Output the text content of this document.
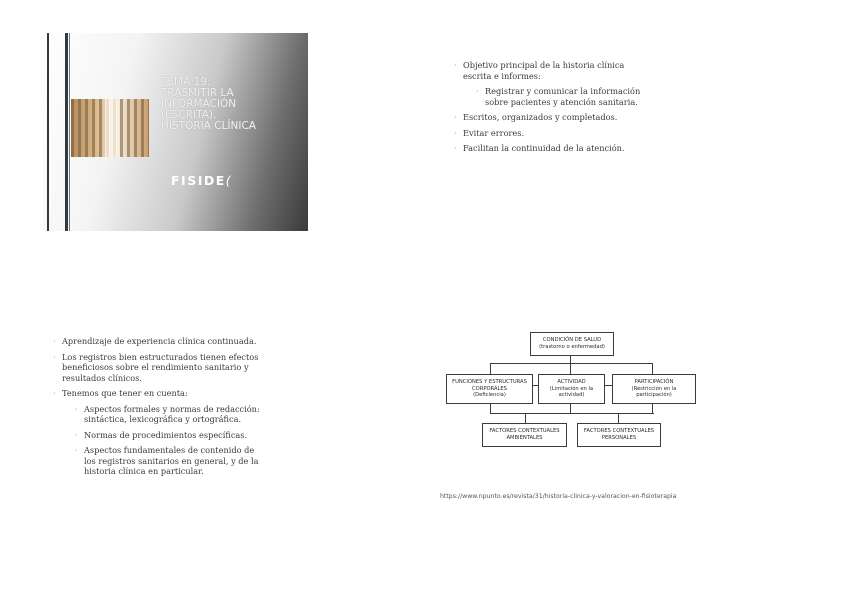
TEMA 19:
TRASMITIR LA
INFORMACIÓN
(ESCRITA).
HISTORIA CLÍNICA
FISIDE(
· Objetivo principal de la historia clínica escrita e informes:
· Registrar y comunicar la información sobre pacientes y atención sanitaria.
· Escritos, organizados y completados.
· Evitar errores.
· Facilitan la continuidad de la atención.
· Aprendizaje de experiencia clínica continuada.
· Los registros bien estructurados tienen efectos beneficiosos sobre el rendimiento sanitario y resultados clínicos.
· Tenemos que tener en cuenta:
· Aspectos formales y normas de redacción: sintáctica, lexicográfica y ortográfica.
· Normas de procedimientos específicas.
· Aspectos fundamentales de contenido de los registros sanitarios en general, y de la historia clínica en particular.
CONDICIÓN DE SALUD
(trastorno o enfermedad)
FUNCIONES Y ESTRUCTURAS CORPORALES
(Deficiencia)
ACTIVIDAD
(Limitación en la actividad)
PARTICIPACIÓN
(Restricción en la participación)
FACTORES CONTEXTUALES AMBIENTALES
FACTORES CONTEXTUALES PERSONALES
https://www.npunto.es/revista/31/historia-clinica-y-valoracion-en-fisioterapia
